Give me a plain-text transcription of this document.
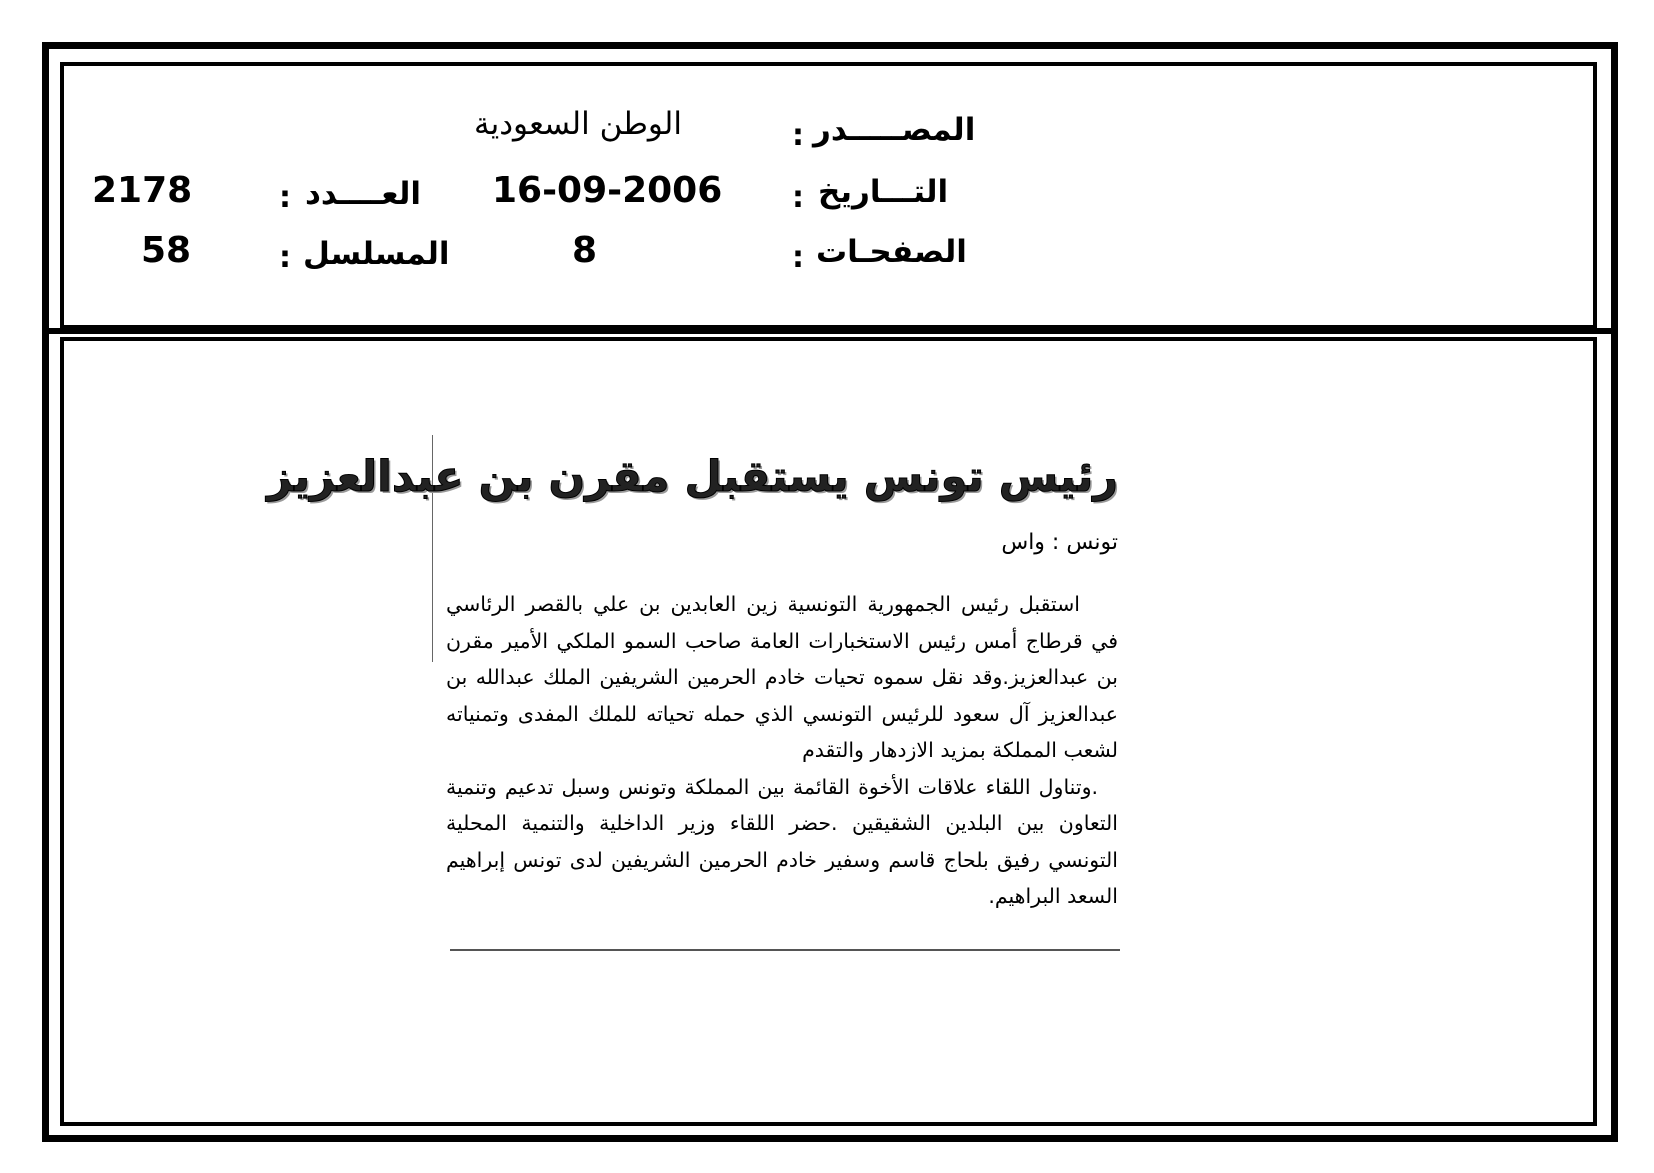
المصـــــدر
:
الوطن السعودية
التـــاريخ
:
16-09-2006
العــــدد
:
2178
الصفحـات
:
8
المسلسل
:
58
رئيس تونس يستقبل مقرن بن عبدالعزيز
تونس : واس

استقبل رئيس الجمهورية التونسية زين العابدين بن علي بالقصر الرئاسي في قرطاج أمس رئيس الاستخبارات العامة صاحب السمو الملكي الأمير مقرن بن عبدالعزيز.وقد نقل سموه تحيات خادم الحرمين الشريفين الملك عبدالله بن عبدالعزيز آل سعود للرئيس التونسي الذي حمله تحياته للملك المفدى وتمنياته لشعب المملكة بمزيد الازدهار والتقدم

.وتناول اللقاء علاقات الأخوة القائمة بين المملكة وتونس وسبل تدعيم وتنمية التعاون بين البلدين الشقيقين .حضر اللقاء وزير الداخلية والتنمية المحلية التونسي رفيق بلحاج قاسم وسفير خادم الحرمين الشريفين لدى تونس إبراهيم السعد البراهيم.
